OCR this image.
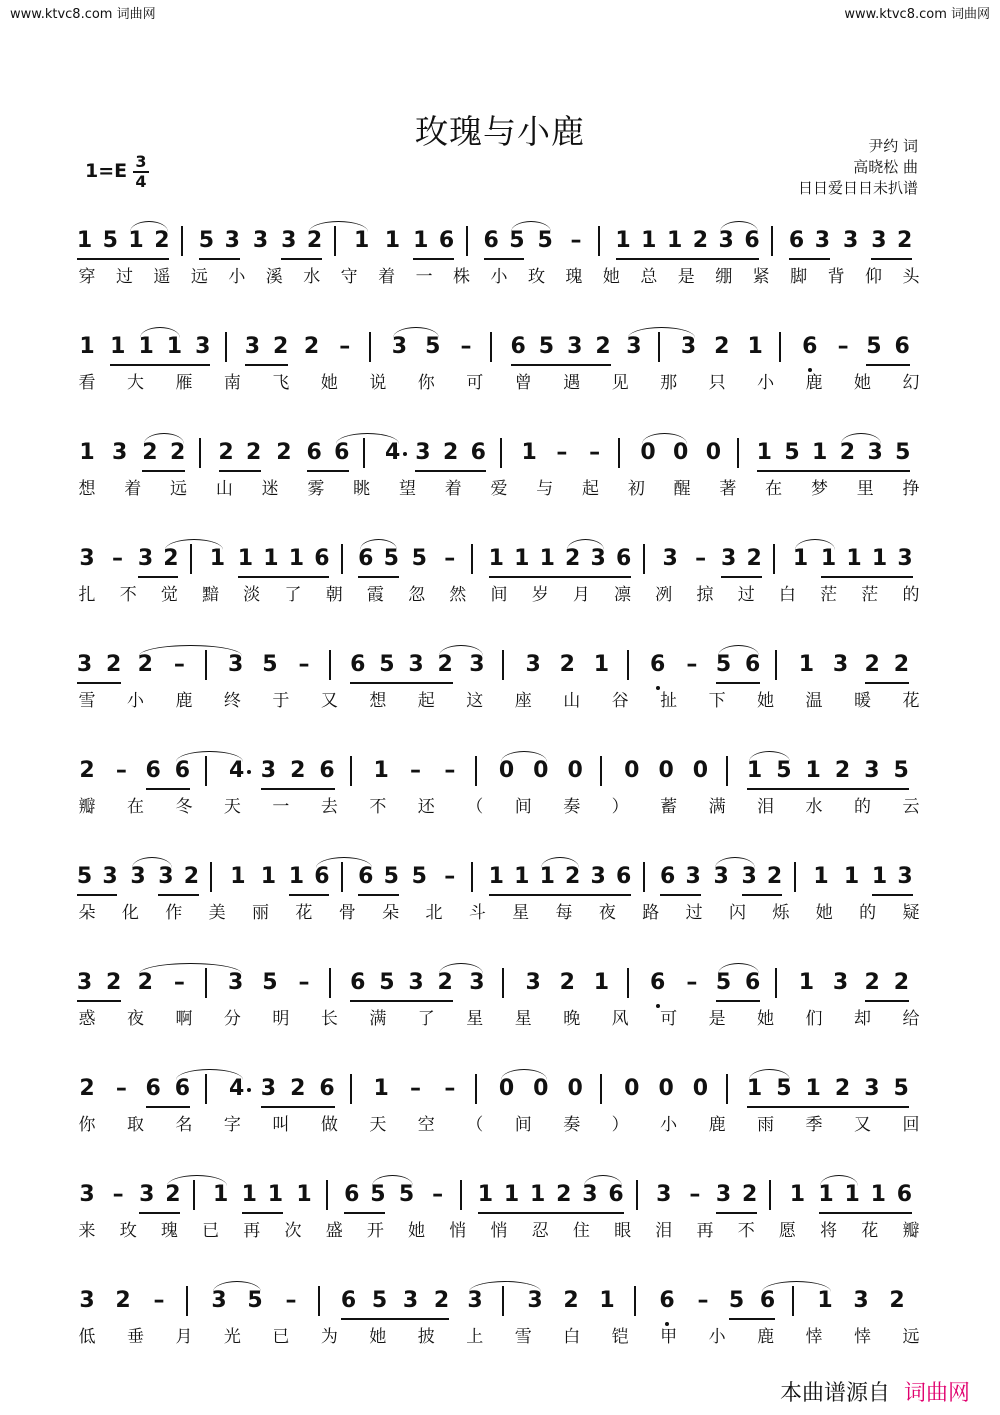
www.ktvc8.com 词曲网	www.ktvc8.com 词曲网
玫瑰与小鹿	尹约 词
高晓松 曲
日日爱日日未扒谱
1=E 3
4
1 5 1 2 5 3 3 3 2 1 1 1 6 6 5 5 – 1 1 1 2 3 6 6 3 3 3 2
穿 过 遥 远 小 溪 水 守 着 一 株 小 玫 瑰 她 总 是 绷 紧 脚 背 仰 头
1 1 1 1 3 3 2 2 – 3 5 – 6 5 3 2 3 3 2 1 6 – 5 6
看 大 雁 南 飞 她 说 你 可 曾 遇 见 那 只 小 鹿 她 幻
1 3 2 2 2 2 2 6 6 4 3 2 6 1 – – 0 0 0 1 5 1 2 3 5
想 着 远 山 迷 雾 眺 望 着 爱 与 起 初 醒 著 在 梦 里 挣
3 – 3 2 1 1 1 1 6 6 5 5 – 1 1 1 2 3 6 3 – 3 2 1 1 1 1 3
扎 不 觉 黯 淡 了 朝 霞 忽 然 间 岁 月 凛 冽 掠 过 白 茫 茫 的
3 2 2 – 3 5 – 6 5 3 2 3 3 2 1 6 – 5 6 1 3 2 2
雪 小 鹿 终 于 又 想 起 这 座 山 谷 扯 下 她 温 暖 花
2 – 6 6 4 3 2 6 1 – – 0 0 0 0 0 0 1 5 1 2 3 5
瓣 在 冬 天 一 去 不 还 （ 间 奏 ） 蓄 满 泪 水 的 云
5 3 3 3 2 1 1 1 6 6 5 5 – 1 1 1 2 3 6 6 3 3 3 2 1 1 1 3
朵 化 作 美 丽 花 骨 朵 北 斗 星 每 夜 路 过 闪 烁 她 的 疑
3 2 2 – 3 5 – 6 5 3 2 3 3 2 1 6 – 5 6 1 3 2 2
惑 夜 啊 分 明 长 满 了 星 星 晚 风 可 是 她 们 却 给
2 – 6 6 4 3 2 6 1 – – 0 0 0 0 0 0 1 5 1 2 3 5
你 取 名 字 叫 做 天 空 （ 间 奏 ） 小 鹿 雨 季 又 回
3 – 3 2 1 1 1 1 6 5 5 – 1 1 1 2 3 6 3 – 3 2 1 1 1 1 6
来 玫 瑰 已 再 次 盛 开 她 悄 悄 忍 住 眼 泪 再 不 愿 将 花 瓣
3 2 – 3 5 – 6 5 3 2 3 3 2 1 6 – 5 6 1 3 2
低 垂 月 光 已 为 她 披 上 雪 白 铠 甲 小 鹿 悻 悻 远
本曲谱源自 词曲网
